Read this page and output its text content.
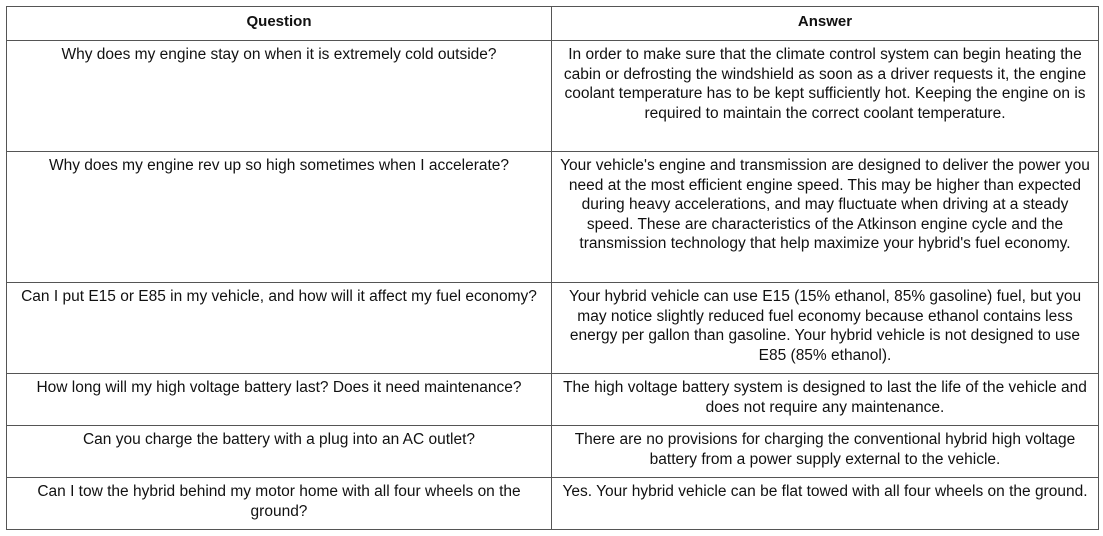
Question	Answer
Why does my engine stay on when it is extremely cold outside?	In order to make sure that the climate control system can begin heating the cabin or defrosting the windshield as soon as a driver requests it, the engine coolant temperature has to be kept sufficiently hot. Keeping the engine on is required to maintain the correct coolant temperature.
Why does my engine rev up so high sometimes when I accelerate?	Your vehicle's engine and transmission are designed to deliver the power you need at the most efficient engine speed. This may be higher than expected during heavy accelerations, and may fluctuate when driving at a steady speed. These are characteristics of the Atkinson engine cycle and the transmission technology that help maximize your hybrid's fuel economy.
Can I put E15 or E85 in my vehicle, and how will it affect my fuel economy?	Your hybrid vehicle can use E15 (15% ethanol, 85% gasoline) fuel, but you may notice slightly reduced fuel economy because ethanol contains less energy per gallon than gasoline. Your hybrid vehicle is not designed to use E85 (85% ethanol).
How long will my high voltage battery last? Does it need maintenance?	The high voltage battery system is designed to last the life of the vehicle and does not require any maintenance.
Can you charge the battery with a plug into an AC outlet?	There are no provisions for charging the conventional hybrid high voltage battery from a power supply external to the vehicle.
Can I tow the hybrid behind my motor home with all four wheels on the ground?	Yes. Your hybrid vehicle can be flat towed with all four wheels on the ground.
